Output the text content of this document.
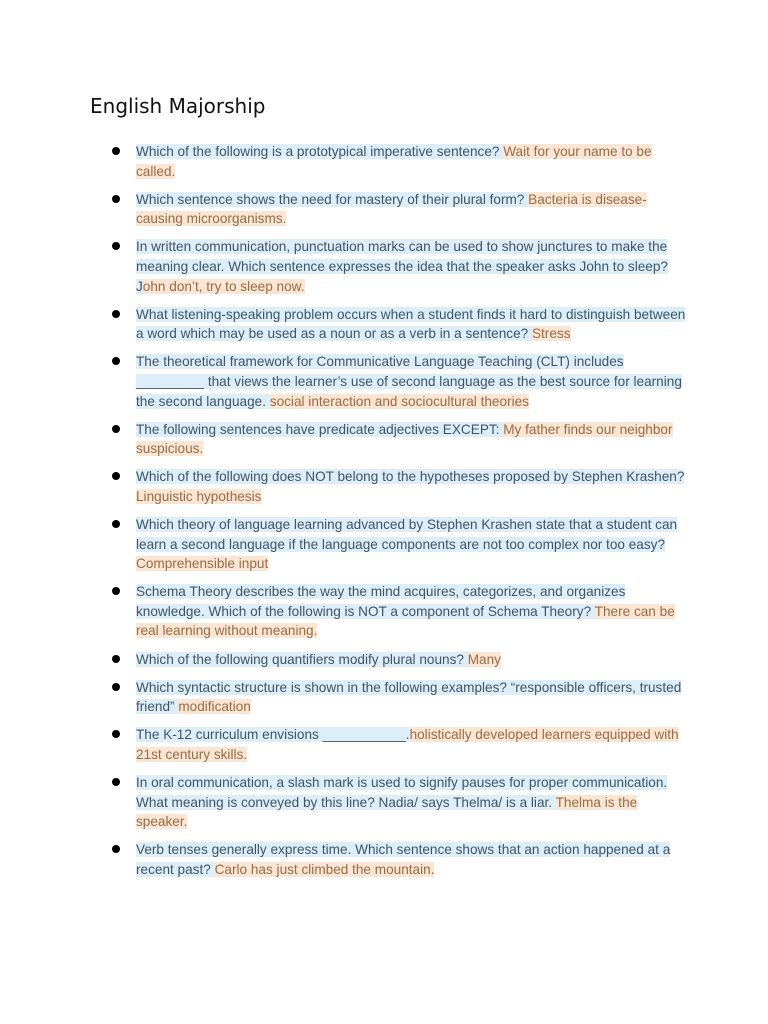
English Majorship
Which of the following is a prototypical imperative sentence? Wait for your name to be called.
Which sentence shows the need for mastery of their plural form? Bacteria is disease-causing microorganisms.
In written communication, punctuation marks can be used to show junctures to make the meaning clear. Which sentence expresses the idea that the speaker asks John to sleep? John don’t, try to sleep now.
What listening-speaking problem occurs when a student finds it hard to distinguish between a word which may be used as a noun or as a verb in a sentence? Stress
The theoretical framework for Communicative Language Teaching (CLT) includes _________ that views the learner’s use of second language as the best source for learning the second language. social interaction and sociocultural theories
The following sentences have predicate adjectives EXCEPT: My father finds our neighbor suspicious.
Which of the following does NOT belong to the hypotheses proposed by Stephen Krashen? Linguistic hypothesis
Which theory of language learning advanced by Stephen Krashen state that a student can learn a second language if the language components are not too complex nor too easy? Comprehensible input
Schema Theory describes the way the mind acquires, categorizes, and organizes knowledge. Which of the following is NOT a component of Schema Theory? There can be real learning without meaning.
Which of the following quantifiers modify plural nouns? Many
Which syntactic structure is shown in the following examples? “responsible officers, trusted friend” modification
The K-12 curriculum envisions ___________.holistically developed learners equipped with 21st century skills.
In oral communication, a slash mark is used to signify pauses for proper communication. What meaning is conveyed by this line? Nadia/ says Thelma/ is a liar. Thelma is the speaker.
Verb tenses generally express time. Which sentence shows that an action happened at a recent past? Carlo has just climbed the mountain.
